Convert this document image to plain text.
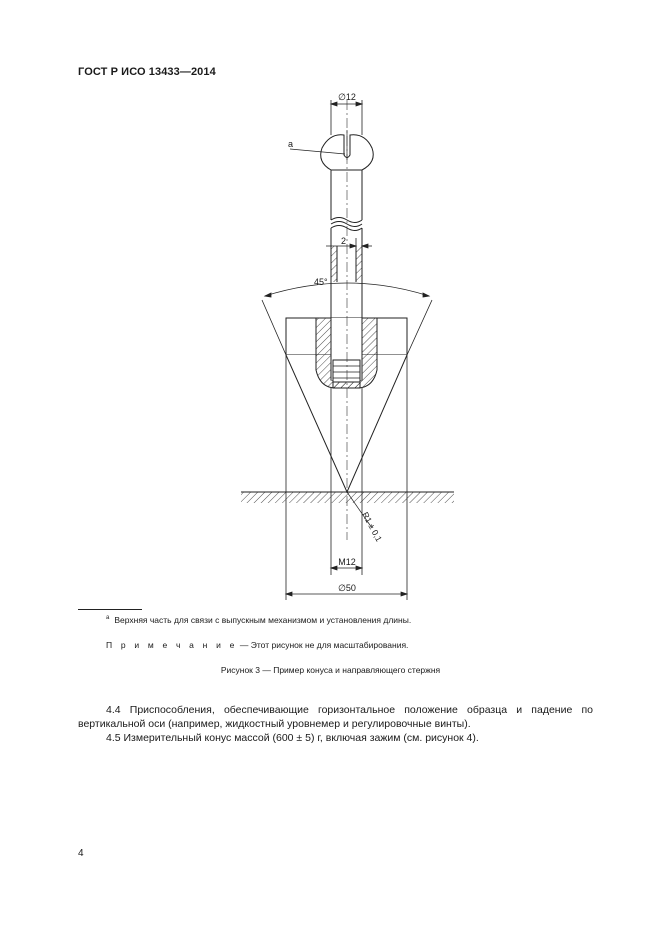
ГОСТ Р ИСО 13433—2014
∅12
a
2
45°
R1 ± 0,1
M12
∅50
$^a$ Верхняя часть для связи с выпускным механизмом и установления длины.
П р и м е ч а н и е — Этот рисунок не для масштабирования.
Рисунок 3 — Пример конуса и направляющего стержня
4.4 Приспособления, обеспечивающие горизонтальное положение образца и падение по вертикальной оси (например, жидкостный уровнемер и регулировочные винты).
4.5 Измерительный конус массой (600 ± 5) г, включая зажим (см. рисунок 4).
4
